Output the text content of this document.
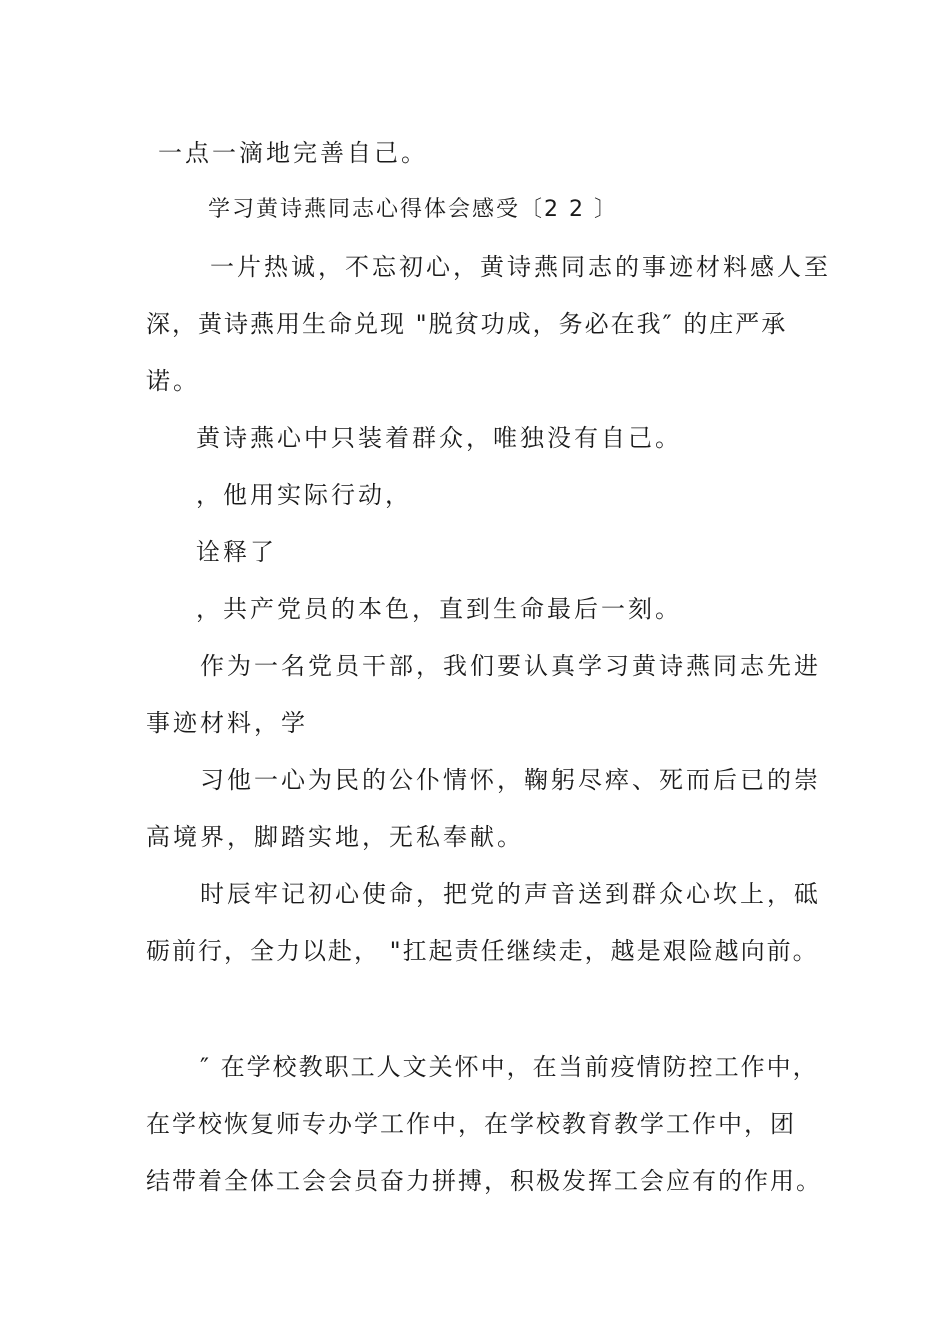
一点一滴地完善自己。
学习黄诗燕同志心得体会感受〔2 2 〕
一片热诚，不忘初心，黄诗燕同志的事迹材料感人至
深，黄诗燕用生命兑现 "脱贫功成，务必在我″ 的庄严承
诺。
黄诗燕心中只装着群众，唯独没有自己。
，他用实际行动，
诠释了
，共产党员的本色，直到生命最后一刻。
作为一名党员干部，我们要认真学习黄诗燕同志先进
事迹材料，学
习他一心为民的公仆情怀，鞠躬尽瘁、死而后已的崇
高境界，脚踏实地，无私奉献。
时辰牢记初心使命，把党的声音送到群众心坎上，砥
砺前行，全力以赴， "扛起责任继续走，越是艰险越向前。
″ 在学校教职工人文关怀中，在当前疫情防控工作中，
在学校恢复师专办学工作中，在学校教育教学工作中，团
结带着全体工会会员奋力拼搏，积极发挥工会应有的作用。
